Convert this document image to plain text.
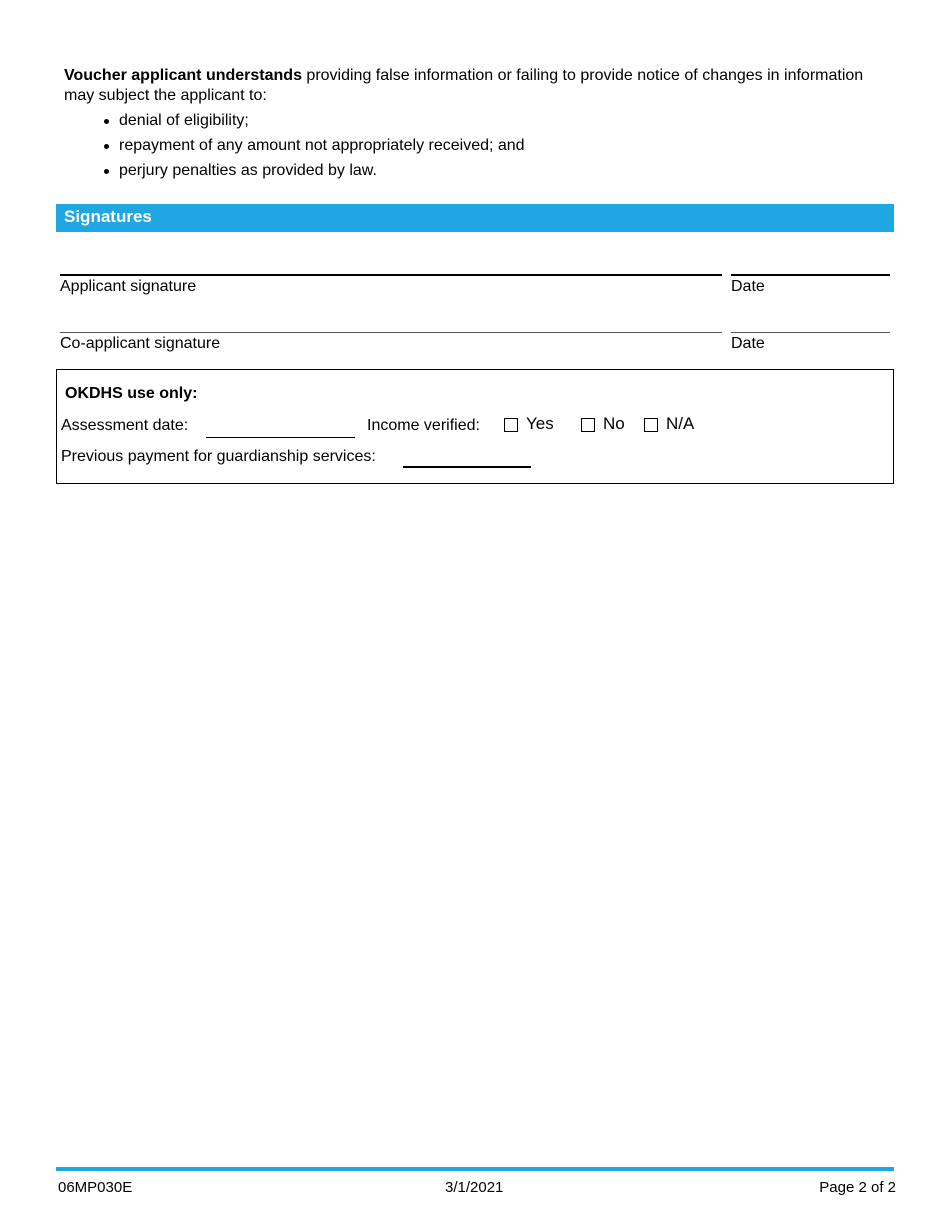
Voucher applicant understands providing false information or failing to provide notice of changes in information may subject the applicant to:
denial of eligibility;
repayment of any amount not appropriately received; and
perjury penalties as provided by law.
Signatures
Applicant signature	Date
Co-applicant signature	Date
OKDHS use only:
Assessment date:	Income verified:	Yes	No N/A
Previous payment for guardianship services:
06MP030E	3/1/2021	Page 2 of 2
